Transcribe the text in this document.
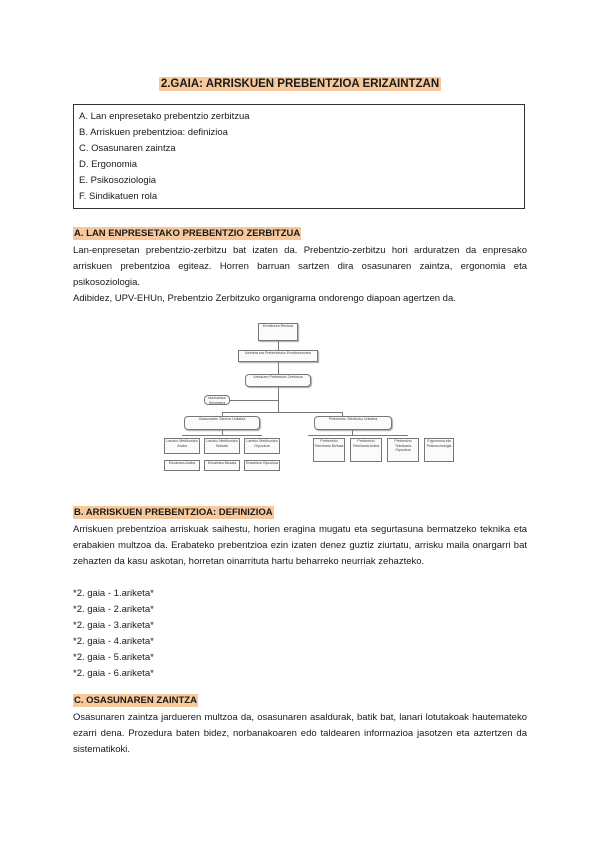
2.GAIA: ARRISKUEN PREBENTZIOA ERIZAINTZAN
A. Lan enpresetako prebentzio zerbitzua
B. Arriskuen prebentzioa: definizioa
C. Osasunaren zaintza
D. Ergonomia
E. Psikosoziologia
F. Sindikatuen rola
A. LAN ENPRESETAKO PREBENTZIO ZERBITZUA
Lan-enpresetan prebentzio-zerbitzu bat izaten da. Prebentzio-zerbitzu hori arduratzen da enpresako arriskuen prebentzioa egiteaz. Horren barruan sartzen dira osasunaren zaintza, ergonomia eta psikosoziologia.
Adibidez, UPV-EHUn, Prebentzio Zerbitzuko organigrama ondorengo diapoan agertzen da.
Errektorea Rectora
Ikerketa eta Prebentzioko Errektoreordea
Arriskuen Prebentzio Zerbitzua
Idazkaritza Secretaría
Osasunaren Zaintza Unitatea	Prebentzio Teknikoko Unitatea
Laneko Medikuntza Araba
Laneko Medikuntza Bizkaia
Laneko Medikuntza Gipuzkoa
Erizaintza Araba	Erizaintza Bizkaia	Erizaintza Gipuzkoa
Prebentzio Teknikaria Bizkaia
Prebentzio Teknikaria Araba
Prebentzio Teknikaria Gipuzkoa
Ergonomia eta Psikosoziologia
B. ARRISKUEN PREBENTZIOA: DEFINIZIOA
Arriskuen prebentzioa arriskuak saihestu, horien eragina mugatu eta segurtasuna bermatzeko teknika eta erabakien multzoa da. Erabateko prebentzioa ezin izaten denez guztiz ziurtatu, arrisku maila onargarri bat zehazten da kasu askotan, horretan oinarrituta hartu beharreko neurriak zehazteko.
*2. gaia - 1.ariketa*
*2. gaia - 2.ariketa*
*2. gaia - 3.ariketa*
*2. gaia - 4.ariketa*
*2. gaia - 5.ariketa*
*2. gaia - 6.ariketa*
C. OSASUNAREN ZAINTZA
Osasunaren zaintza jardueren multzoa da, osasunaren asaldurak, batik bat, lanari lotutakoak hautemateko ezarri dena. Prozedura baten bidez, norbanakoaren edo taldearen informazioa jasotzen eta aztertzen da sistematikoki.
